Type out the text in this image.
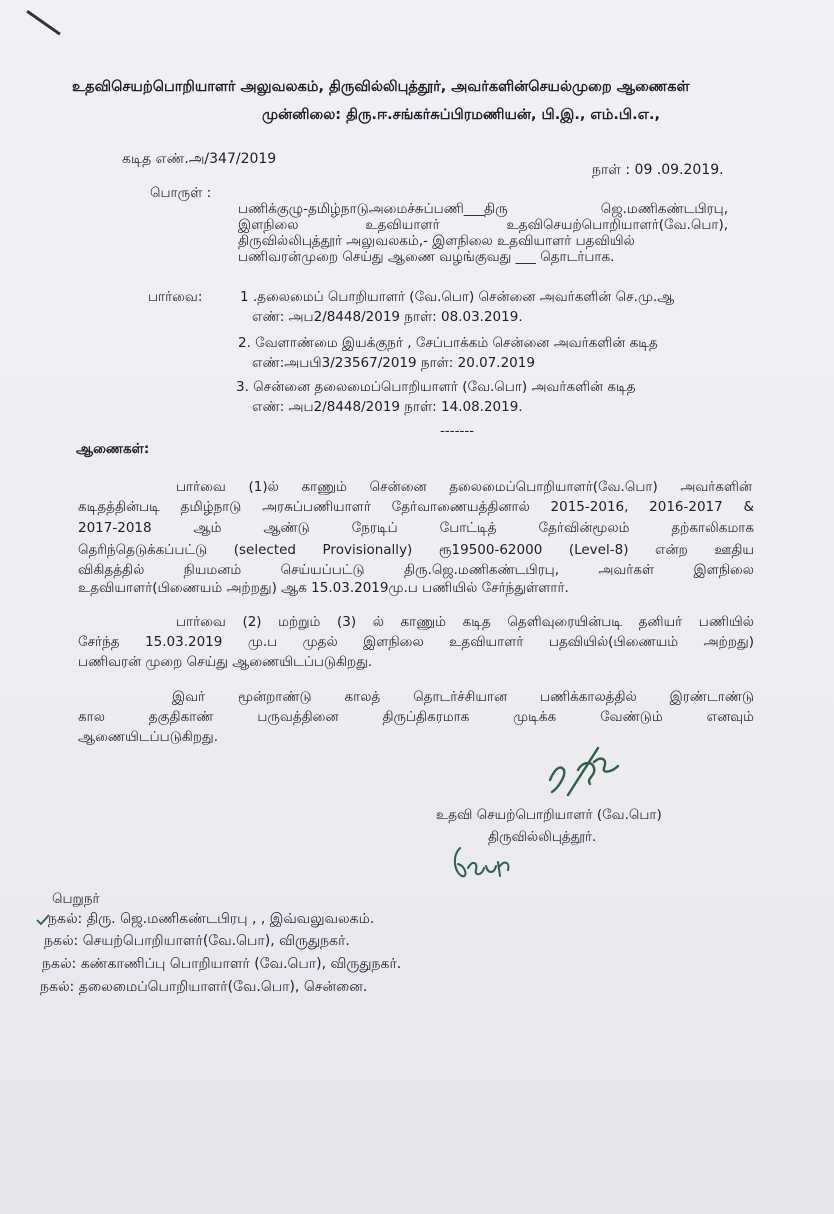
உதவிசெயற்பொறியாளர் அலுவலகம், திருவில்லிபுத்தூர், அவர்களின்செயல்முறை ஆணைகள்
முன்னிலை: திரு.ஈ.சங்கர்சுப்பிரமணியன், பி.இ., எம்.பி.எ.,
கடித எண்.அ/347/2019
நாள் : 09 .09.2019.
பொருள் :
பணிக்குழு-தமிழ்நாடுஅமைச்சுப்பணி___திரு ஜெ.மணிகண்டபிரபு,
இளநிலை உதவியாளர் உதவிசெயற்பொறியாளர்(வே.பொ),
திருவில்லிபுத்தூர் அலுவலகம்,- இளநிலை உதவியாளர் பதவியில்
பணிவரன்முறை செய்து ஆணை வழங்குவது ___ தொடர்பாக.
பார்வை:	1 .தலைமைப் பொறியாளர் (வே.பொ) சென்னை அவர்களின் செ.மு.ஆ
எண்: அப2/8448/2019 நாள்: 08.03.2019.
2. வேளாண்மை இயக்குநர் , சேப்பாக்கம் சென்னை அவர்களின் கடித
எண்:அபபி3/23567/2019 நாள்: 20.07.2019
3. சென்னை தலைமைப்பொறியாளர் (வே.பொ) அவர்களின் கடித
எண்: அப2/8448/2019 நாள்: 14.08.2019.
-------
ஆணைகள்:
பார்வை (1)ல் காணும் சென்னை தலைமைப்பொறியாளர்(வே.பொ) அவர்களின்
கடிதத்தின்படி தமிழ்நாடு அரசுப்பணியாளர் தேர்வாணையத்தினால் 2015-2016, 2016-2017 &
2017-2018 ஆம் ஆண்டு நேரடிப் போட்டித் தேர்வின்மூலம் தற்காலிகமாக
தெரிந்தெடுக்கப்பட்டு (selected Provisionally) ரூ19500-62000 (Level-8) என்ற ஊதிய
விகிதத்தில் நியமனம் செய்யப்பட்டு திரு.ஜெ.மணிகண்டபிரபு, அவர்கள் இளநிலை
உதவியாளர்(பிணையம் அற்றது) ஆக 15.03.2019மு.ப பணியில் சேர்ந்துள்ளார்.
பார்வை (2) மற்றும் (3) ல் காணும் கடித தெளிவுரையின்படி தனியர் பணியில்
சேர்ந்த 15.03.2019 மு.ப முதல் இளநிலை உதவியாளர் பதவியில்(பிணையம் அற்றது)
பணிவரன் முறை செய்து ஆணையிடப்படுகிறது.
இவர் மூன்றாண்டு காலத் தொடர்ச்சியான பணிக்காலத்தில் இரண்டாண்டு
கால தகுதிகாண் பருவத்தினை திருப்திகரமாக முடிக்க வேண்டும் எனவும்
ஆணையிடப்படுகிறது.
உதவி செயற்பொறியாளர் (வே.பொ)
திருவில்லிபுத்தூர்.
பெறுநர்
நகல்: திரு. ஜெ.மணிகண்டபிரபு , , இவ்வலுவலகம்.
நகல்: செயற்பொறியாளர்(வே.பொ), விருதுநகர்.
நகல்: கண்காணிப்பு பொறியாளர் (வே.பொ), விருதுநகர்.
நகல்: தலைமைப்பொறியாளர்(வே.பொ), சென்னை.
